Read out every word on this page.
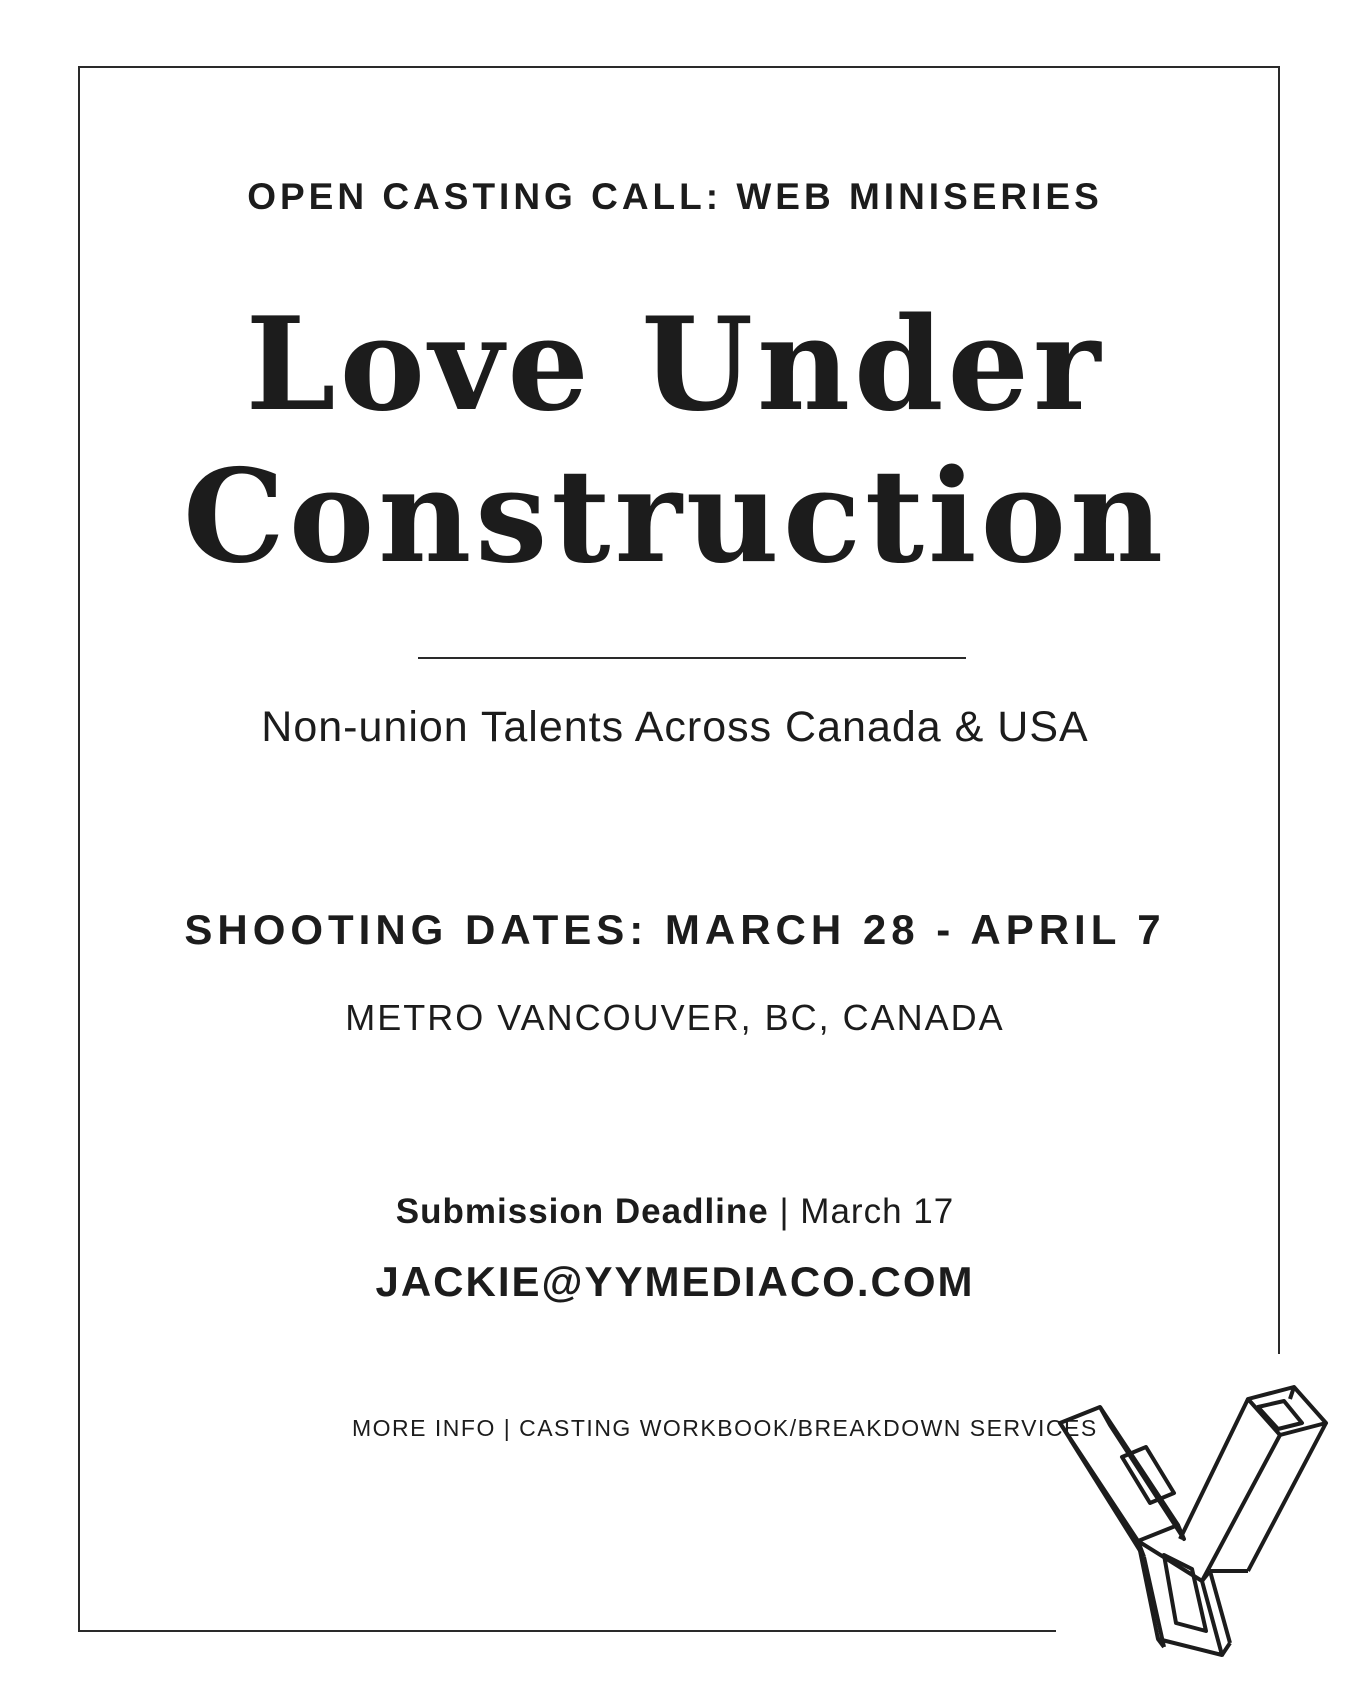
OPEN CASTING CALL: WEB MINISERIES
Love Under
Construction
Non-union Talents Across Canada & USA
SHOOTING DATES: MARCH 28 - APRIL 7
METRO VANCOUVER, BC, CANADA
Submission Deadline | March 17
JACKIE@YYMEDIACO.COM
MORE INFO | CASTING WORKBOOK/BREAKDOWN SERVICES
